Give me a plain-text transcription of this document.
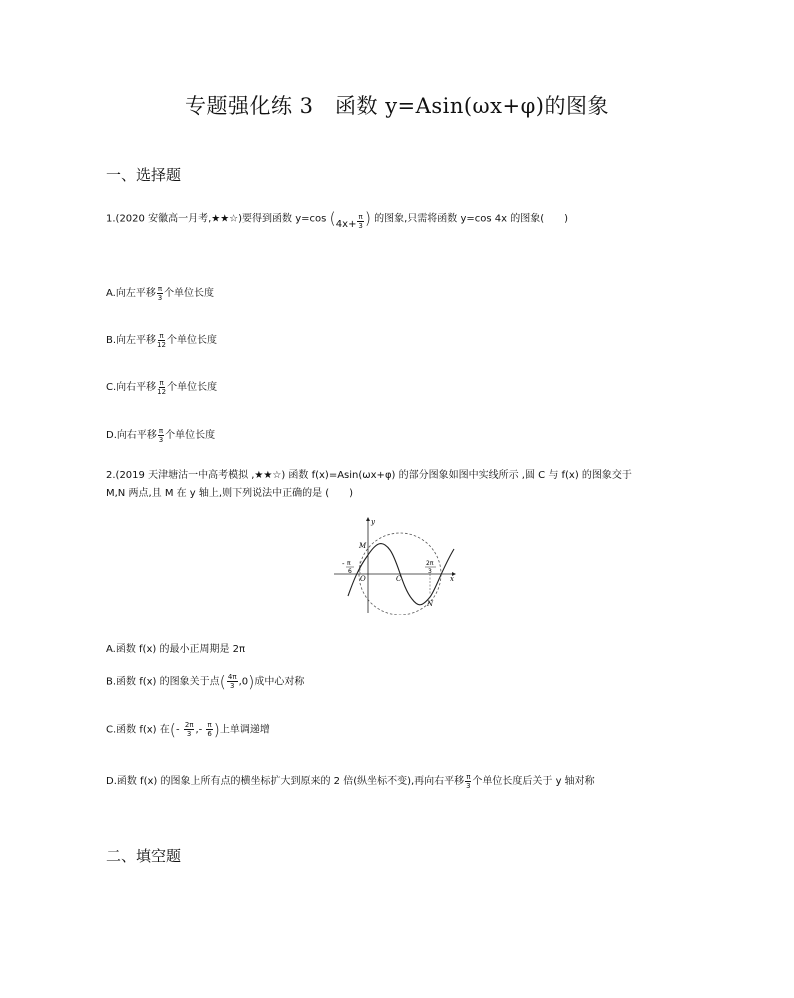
专题强化练 3　函数 y=Asin(ωx+φ)的图象
一、选择题
1.(2020 安徽高一月考,★★☆)要得到函数 y=cos ($4x+ \frac{\pi}{3}$ ) 的图象,只需将函数 y=cos 4x 的图象(　　)
A.向左平移 $\frac{\pi}{3}$ 个单位长度
B.向左平移 $\frac{\pi}{12}$ 个单位长度
C.向右平移 $\frac{\pi}{12}$ 个单位长度
D.向右平移 $\frac{\pi}{3}$ 个单位长度
2.(2019 天津塘沽一中高考模拟 ,★★☆) 函数 f(x)=Asin(ωx+φ) 的部分图象如图中实线所示 ,圆 C 与 f(x) 的图象交于
M,N 两点,且 M 在 y 轴上,则下列说法中正确的是 (　　)
y
x
M
N
O	C
- π
6
2π
3
A.函数 f(x) 的最小正周期是 2π
B.函数 f(x) 的图象关于点( $\frac{4\pi}{3} ,0$)成中心对称
C.函数 f(x) 在(- $\frac{2\pi}{3}$ ,- $\frac{\pi}{6}$ )上单调递增
D.函数 f(x) 的图象上所有点的横坐标扩大到原来的 2 倍(纵坐标不变),再向右平移 $\frac{\pi}{3}$ 个单位长度后关于 y 轴对称
二、填空题
